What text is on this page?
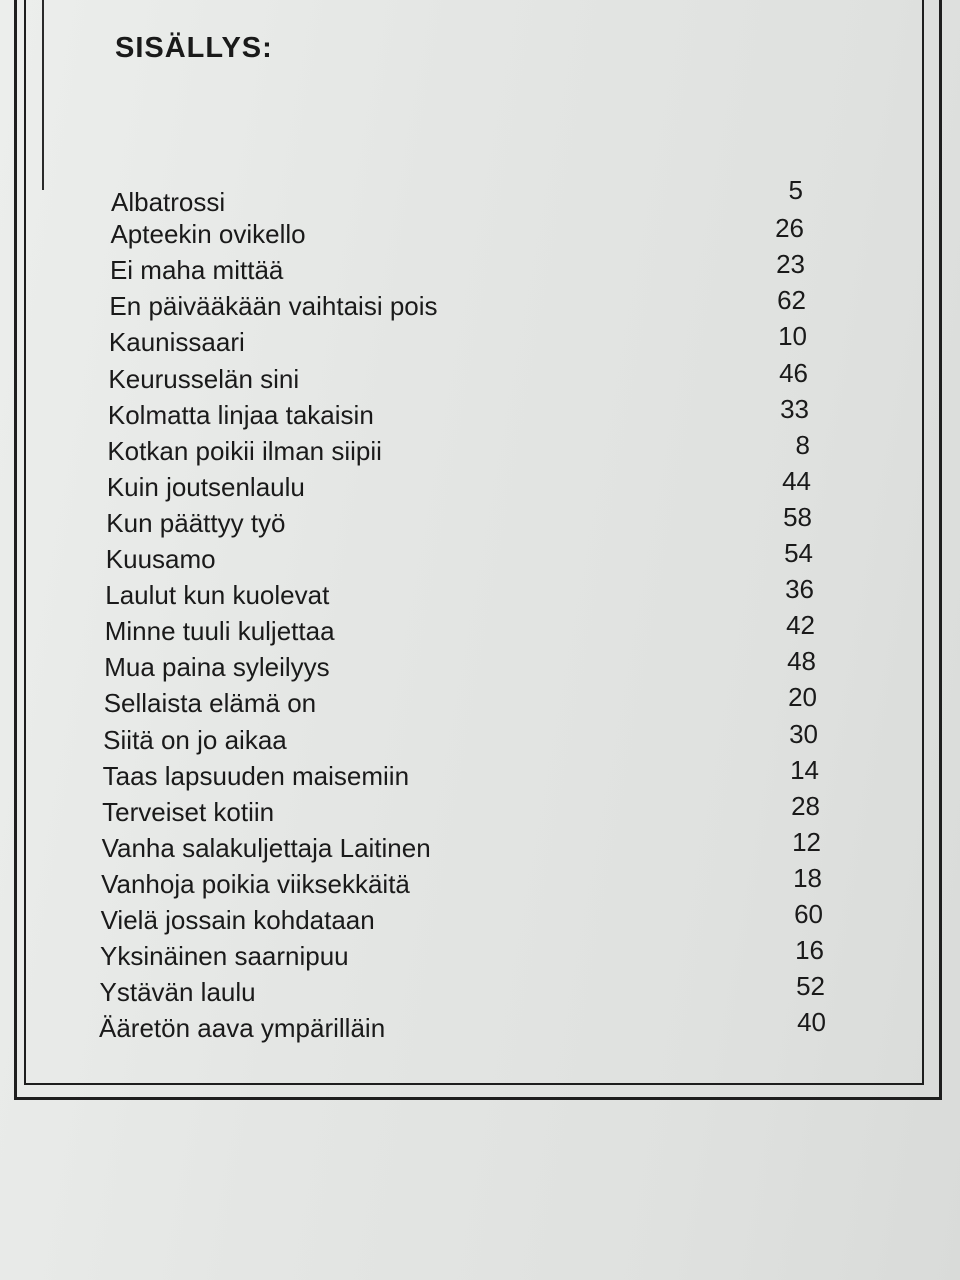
SISÄLLYS:
Albatrossi	5
Apteekin ovikello	26
Ei maha mittää	23
En päivääkään vaihtaisi pois	62
Kaunissaari	10
Keurusselän sini	46
Kolmatta linjaa takaisin	33
Kotkan poikii ilman siipii	8
Kuin joutsenlaulu	44
Kun päättyy työ	58
Kuusamo	54
Laulut kun kuolevat	36
Minne tuuli kuljettaa	42
Mua paina syleilyys	48
Sellaista elämä on	20
Siitä on jo aikaa	30
Taas lapsuuden maisemiin	14
Terveiset kotiin	28
Vanha salakuljettaja Laitinen	12
Vanhoja poikia viiksekkäitä	18
Vielä jossain kohdataan	60
Yksinäinen saarnipuu	16
Ystävän laulu	52
Ääretön aava ympärilläin	40
